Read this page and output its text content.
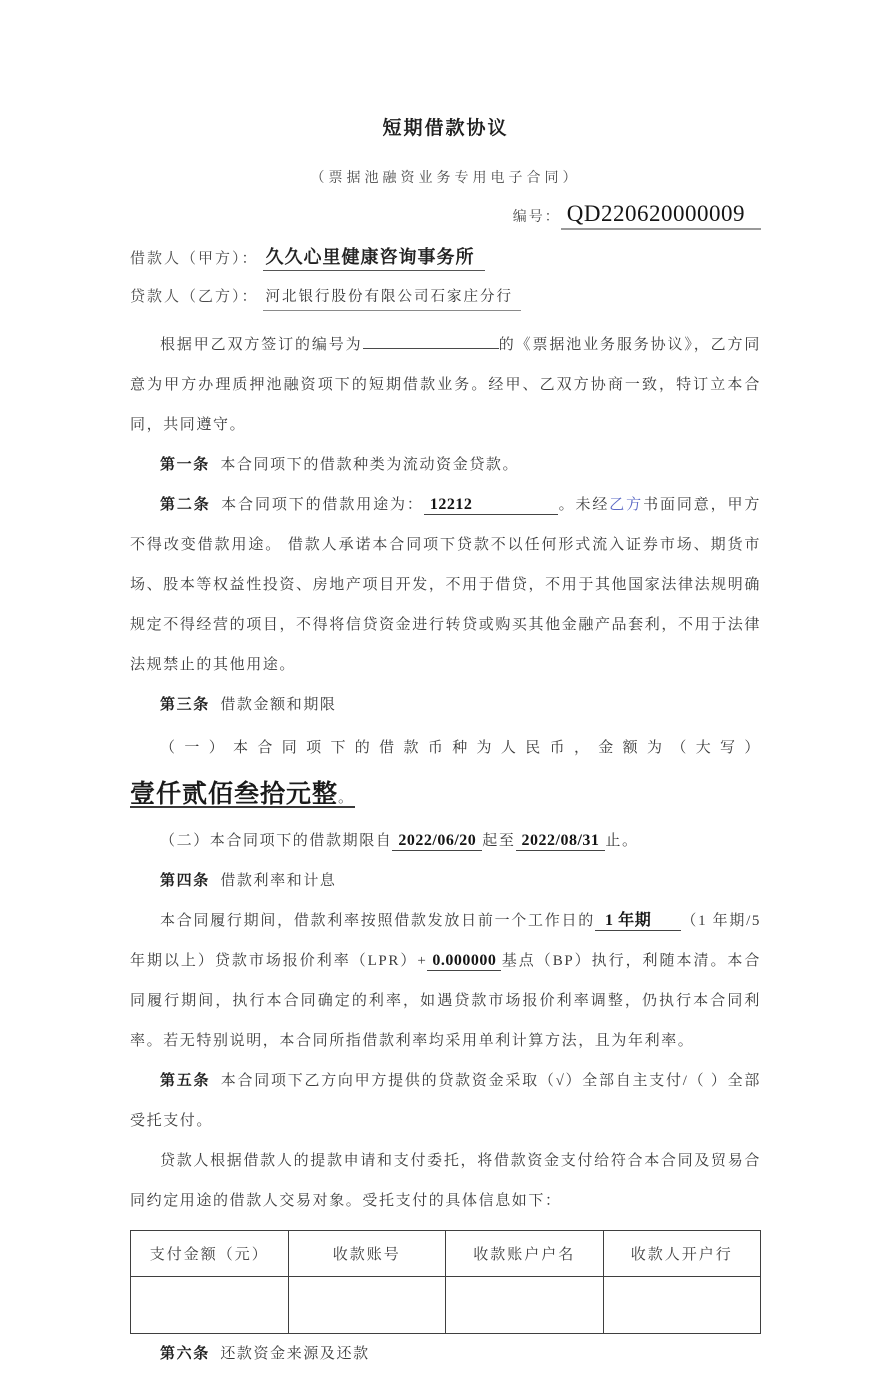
短期借款协议
（票据池融资业务专用电子合同）
编号： QD220620000009
借款人（甲方）： 久久心里健康咨询事务所
贷款人（乙方）： 河北银行股份有限公司石家庄分行

根据甲乙双方签订的编号为	的《票据池业务服务协议》，乙方同意为甲方办理质押池融资项下的短期借款业务。经甲、乙双方协商一致，特订立本合同，共同遵守。

第一条 本合同项下的借款种类为流动资金贷款。

第二条 本合同项下的借款用途为： 12212	。未经乙方书面同意，甲方不得改变借款用途。 借款人承诺本合同项下贷款不以任何形式流入证券市场、期货市场、股本等权益性投资、房地产项目开发，不用于借贷，不用于其他国家法律法规明确规定不得经营的项目，不得将信贷资金进行转贷或购买其他金融产品套利，不用于法律法规禁止的其他用途。

第三条 借款金额和期限

（一）本合同项下的借款币种为人民币，金额为（大写）壹仟贰佰叁拾元整。

（二）本合同项下的借款期限自 2022/06/20 起至 2022/08/31 止。

第四条 借款利率和计息

本合同履行期间，借款利率按照借款发放日前一个工作日的 1 年期 （1 年期/5 年期以上）贷款市场报价利率（LPR）+ 0.000000 基点（BP）执行，利随本清。本合同履行期间，执行本合同确定的利率，如遇贷款市场报价利率调整，仍执行本合同利率。若无特别说明，本合同所指借款利率均采用单利计算方法，且为年利率。

第五条 本合同项下乙方向甲方提供的贷款资金采取（√）全部自主支付/（ ）全部受托支付。

贷款人根据借款人的提款申请和支付委托，将借款资金支付给符合本合同及贸易合同约定用途的借款人交易对象。受托支付的具体信息如下：

支付金额（元）	收款账号	收款账户户名	收款人开户行

第六条 还款资金来源及还款
